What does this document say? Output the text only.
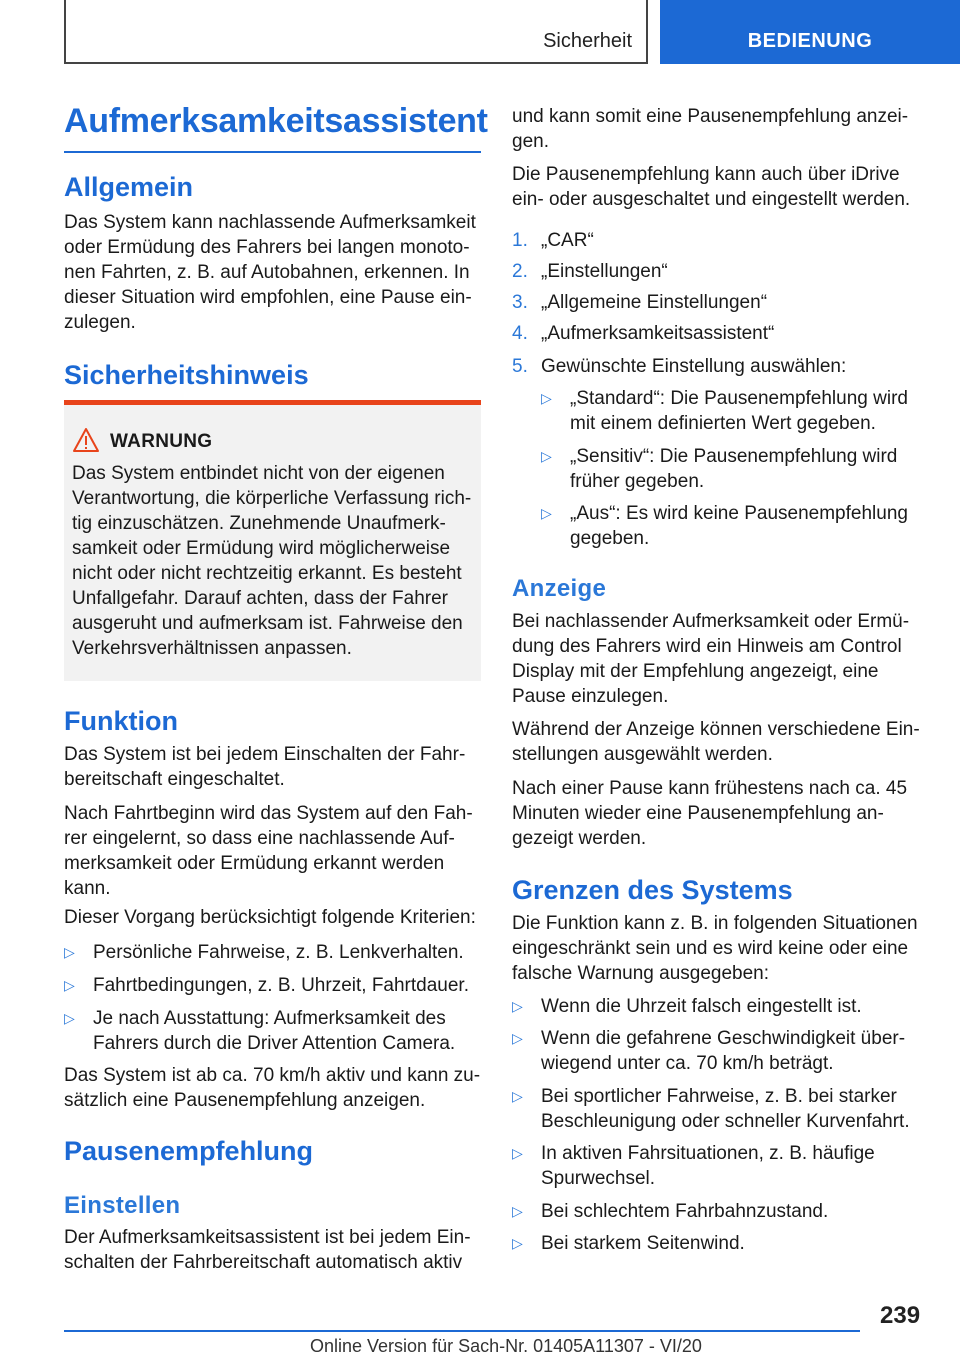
Sicherheit	BEDIENUNG
Aufmerksamkeitsassistent
Allgemein

Das System kann nachlassende Aufmerksamkeit oder Ermüdung des Fahrers bei langen monotonen Fahrten, z. B. auf Autobahnen, erkennen. In dieser Situation wird empfohlen, eine Pause einzulegen.

Sicherheitshinweis
WARNUNG
Das System entbindet nicht von der eigenen Verantwortung, die körperliche Verfassung richtig einzuschätzen. Zunehmende Unaufmerksamkeit oder Ermüdung wird möglicherweise nicht oder nicht rechtzeitig erkannt. Es besteht Unfallgefahr. Darauf achten, dass der Fahrer ausgeruht und aufmerksam ist. Fahrweise den Verkehrsverhältnissen anpassen.
Funktion

Das System ist bei jedem Einschalten der Fahrbereitschaft eingeschaltet.

Nach Fahrtbeginn wird das System auf den Fahrer eingelernt, so dass eine nachlassende Aufmerksamkeit oder Ermüdung erkannt werden kann.

Dieser Vorgang berücksichtigt folgende Kriterien:

▷ Persönliche Fahrweise, z. B. Lenkverhalten.
▷ Fahrtbedingungen, z. B. Uhrzeit, Fahrtdauer.
▷ Je nach Ausstattung: Aufmerksamkeit des Fahrers durch die Driver Attention Camera.

Das System ist ab ca. 70 km/h aktiv und kann zusätzlich eine Pausenempfehlung anzeigen.

Pausenempfehlung
Einstellen

Der Aufmerksamkeitsassistent ist bei jedem Einschalten der Fahrbereitschaft automatisch aktiv

und kann somit eine Pausenempfehlung anzeigen.

Die Pausenempfehlung kann auch über iDrive ein- oder ausgeschaltet und eingestellt werden.

1. „CAR“
2. „Einstellungen“
3. „Allgemeine Einstellungen“
4. „Aufmerksamkeitsassistent“
5. Gewünschte Einstellung auswählen:
▷ „Standard“: Die Pausenempfehlung wird mit einem definierten Wert gegeben.
▷ „Sensitiv“: Die Pausenempfehlung wird früher gegeben.
▷ „Aus“: Es wird keine Pausenempfehlung gegeben.
Anzeige

Bei nachlassender Aufmerksamkeit oder Ermüdung des Fahrers wird ein Hinweis am Control Display mit der Empfehlung angezeigt, eine Pause einzulegen.

Während der Anzeige können verschiedene Einstellungen ausgewählt werden.

Nach einer Pause kann frühestens nach ca. 45 Minuten wieder eine Pausenempfehlung angezeigt werden.

Grenzen des Systems

Die Funktion kann z. B. in folgenden Situationen eingeschränkt sein und es wird keine oder eine falsche Warnung ausgegeben:

▷ Wenn die Uhrzeit falsch eingestellt ist.
▷ Wenn die gefahrene Geschwindigkeit überwiegend unter ca. 70 km/h beträgt.
▷ Bei sportlicher Fahrweise, z. B. bei starker Beschleunigung oder schneller Kurvenfahrt.
▷ In aktiven Fahrsituationen, z. B. häufige Spurwechsel.
▷ Bei schlechtem Fahrbahnzustand.
▷ Bei starkem Seitenwind.
239
Online Version für Sach-Nr. 01405A11307 - VI/20
